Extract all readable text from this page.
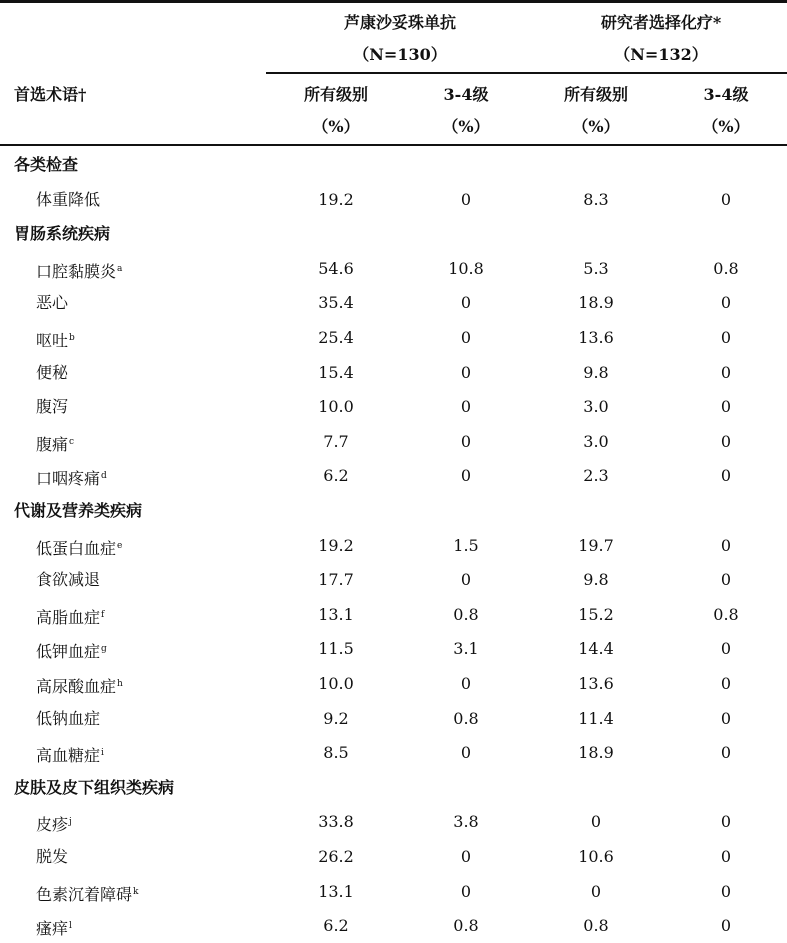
芦康沙妥珠单抗
（N=130）
研究者选择化疗*
（N=132）
首选术语†	所有级别	3-4级	所有级别	3-4级
（%）	（%）	（%）	（%）
各类检查
体重降低	19.2	0	8.3	0
胃肠系统疾病
口腔黏膜炎$^a$	54.6	10.8	5.3	0.8
恶心	35.4	0	18.9	0
呕吐$^b$	25.4	0	13.6	0
便秘	15.4	0	9.8	0
腹泻	10.0	0	3.0	0
腹痛$^c$	7.7	0	3.0	0
口咽疼痛$^d$	6.2	0	2.3	0
代谢及营养类疾病
低蛋白血症$^e$	19.2	1.5	19.7	0
食欲减退	17.7	0	9.8	0
高脂血症$^f$	13.1	0.8	15.2	0.8
低钾血症$^g$	11.5	3.1	14.4	0
高尿酸血症$^h$	10.0	0	13.6	0
低钠血症	9.2	0.8	11.4	0
高血糖症$^i$	8.5	0	18.9	0
皮肤及皮下组织类疾病
皮疹$^j$	33.8	3.8	0	0
脱发	26.2	0	10.6	0
色素沉着障碍$^k$	13.1	0	0	0
瘙痒$^l$	6.2	0.8	0.8	0
